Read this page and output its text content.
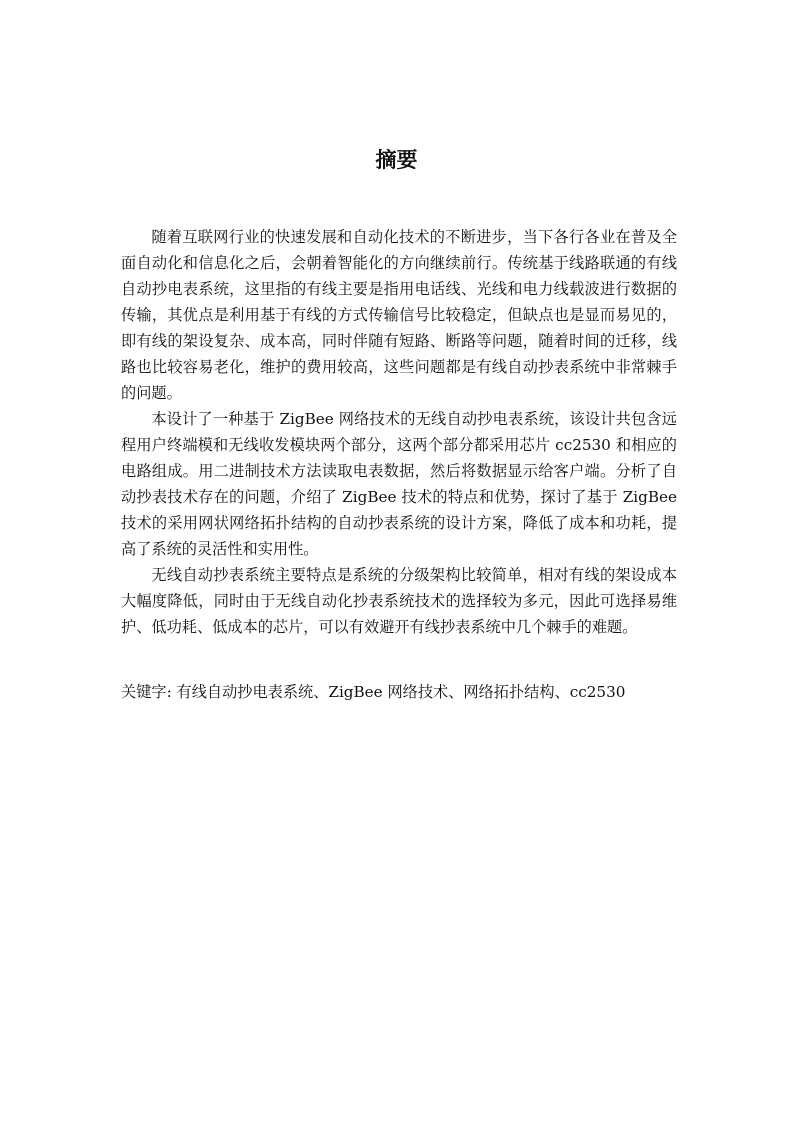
摘要

随着互联网行业的快速发展和自动化技术的不断进步，当下各行各业在普及全面自动化和信息化之后，会朝着智能化的方向继续前行。传统基于线路联通的有线自动抄电表系统，这里指的有线主要是指用电话线、光线和电力线载波进行数据的传输，其优点是利用基于有线的方式传输信号比较稳定，但缺点也是显而易见的，即有线的架设复杂、成本高，同时伴随有短路、断路等问题，随着时间的迁移，线路也比较容易老化，维护的费用较高，这些问题都是有线自动抄表系统中非常棘手的问题。

本设计了一种基于 ZigBee 网络技术的无线自动抄电表系统，该设计共包含远程用户终端模和无线收发模块两个部分，这两个部分都采用芯片 cc2530 和相应的电路组成。用二进制技术方法读取电表数据，然后将数据显示给客户端。分析了自动抄表技术存在的问题，介绍了 ZigBee 技术的特点和优势，探讨了基于 ZigBee 技术的采用网状网络拓扑结构的自动抄表系统的设计方案，降低了成本和功耗，提高了系统的灵活性和实用性。

无线自动抄表系统主要特点是系统的分级架构比较简单，相对有线的架设成本大幅度降低，同时由于无线自动化抄表系统技术的选择较为多元，因此可选择易维护、低功耗、低成本的芯片，可以有效避开有线抄表系统中几个棘手的难题。

关键字: 有线自动抄电表系统、ZigBee 网络技术、网络拓扑结构、cc2530
